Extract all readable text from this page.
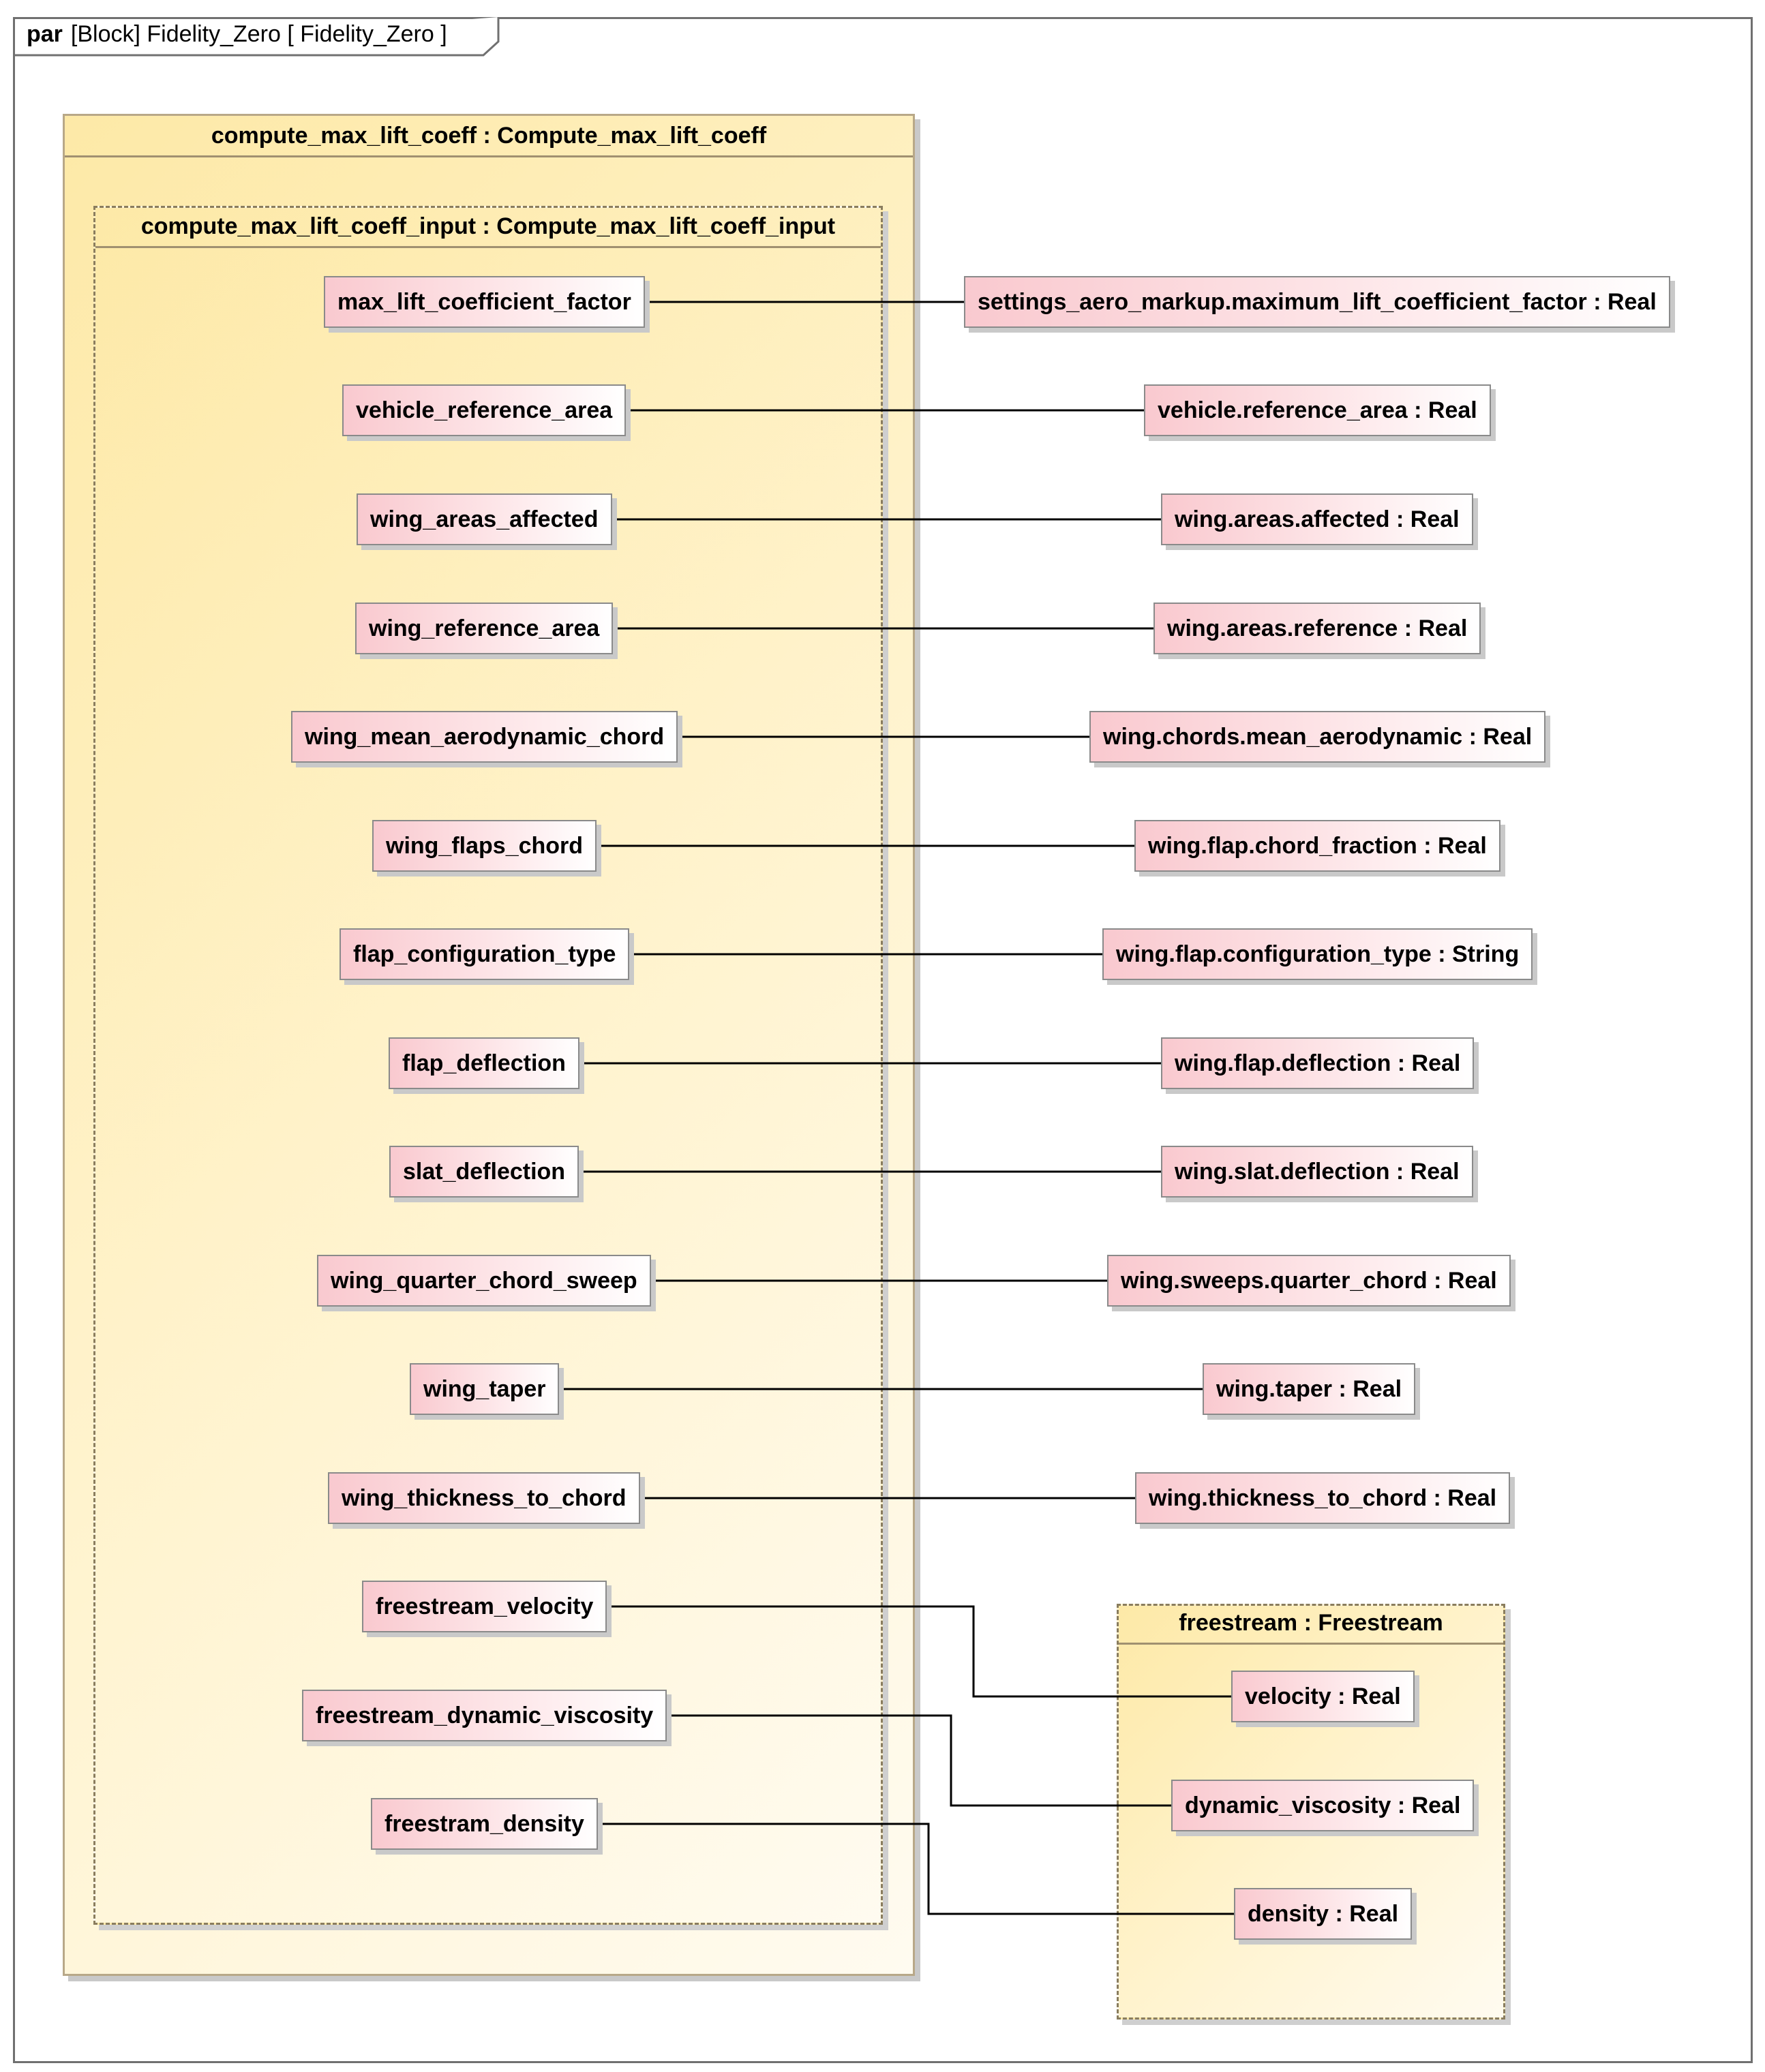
par [Block] Fidelity_Zero [ Fidelity_Zero ]
compute_max_lift_coeff : Compute_max_lift_coeff
compute_max_lift_coeff_input : Compute_max_lift_coeff_input
freestream : Freestream
max_lift_coefficient_factor
vehicle_reference_area
wing_areas_affected
wing_reference_area
wing_mean_aerodynamic_chord
wing_flaps_chord
flap_configuration_type
flap_deflection
slat_deflection
wing_quarter_chord_sweep
wing_taper
wing_thickness_to_chord
freestream_velocity
freestream_dynamic_viscosity
freestram_density
settings_aero_markup.maximum_lift_coefficient_factor : Real
vehicle.reference_area : Real
wing.areas.affected : Real
wing.areas.reference : Real
wing.chords.mean_aerodynamic : Real
wing.flap.chord_fraction : Real
wing.flap.configuration_type : String
wing.flap.deflection : Real
wing.slat.deflection : Real
wing.sweeps.quarter_chord : Real
wing.taper : Real
wing.thickness_to_chord : Real
velocity : Real
dynamic_viscosity : Real
density : Real
